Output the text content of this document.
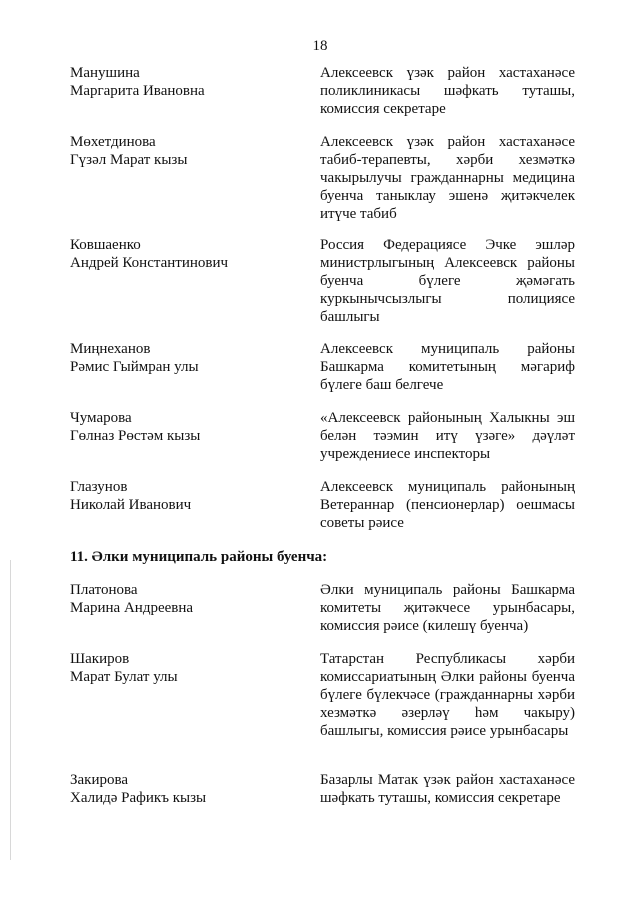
18
Манушина
Маргарита Ивановна
Алексеевск үзәк район хастаханәсе поликлиникасы шәфкать туташы, комиссия секретаре
Мөхетдинова
Гүзәл Марат кызы
Алексеевск үзәк район хастаханәсе табиб-терапевты, хәрби хезмәткә чакырылучы гражданнарны медицина буенча таныклау эшенә җитәкчелек итүче табиб
Ковшаенко
Андрей Константинович
Россия Федерациясе Эчке эшләр министрлыгының Алексеевск районы буенча бүлеге җәмәгать куркынычсызлыгы полициясе башлыгы
Миңнеханов
Рәмис Гыймран улы
Алексеевск муниципаль районы Башкарма комитетының мәгариф бүлеге баш белгече
Чумарова
Гөлназ Рөстәм кызы
«Алексеевск районының Халыкны эш белән тәэмин итү үзәге» дәүләт учреждениесе инспекторы
Глазунов
Николай Иванович
Алексеевск муниципаль районының Ветераннар (пенсионерлар) оешмасы советы рәисе
11. Әлки муниципаль районы буенча:
Платонова
Марина Андреевна
Әлки муниципаль районы Башкарма комитеты җитәкчесе урынбасары, комиссия рәисе (килешү буенча)
Шакиров
Марат Булат улы
Татарстан Республикасы хәрби комиссариатының Әлки районы буенча бүлеге бүлекчәсе (гражданнарны хәрби хезмәткә әзерләү һәм чакыру) башлыгы, комиссия рәисе урынбасары
Закирова
Халидә Рафикъ кызы
Базарлы Матак үзәк район хастаханәсе шәфкать туташы, комиссия секретаре
